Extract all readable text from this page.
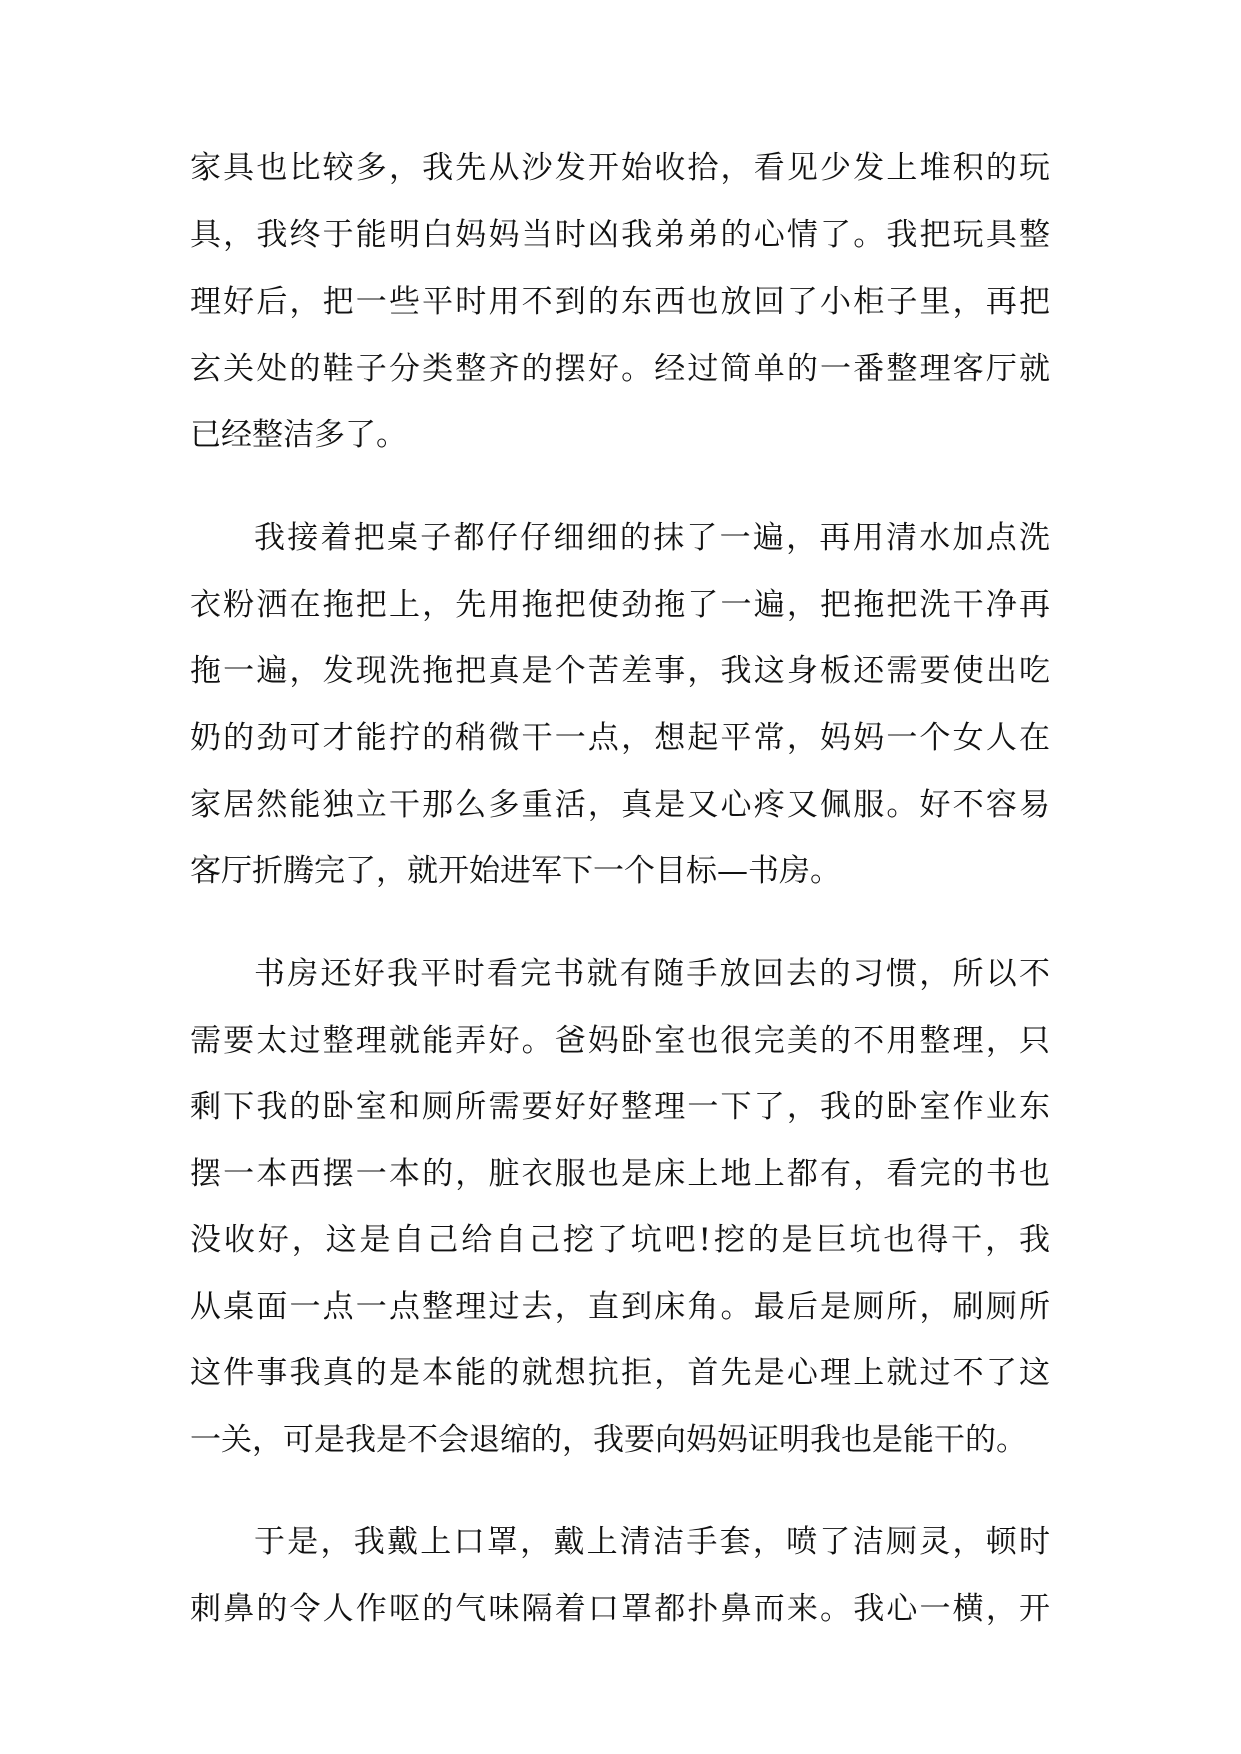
家具也比较多，我先从沙发开始收拾，看见少发上堆积的玩
具，我终于能明白妈妈当时凶我弟弟的心情了。我把玩具整
理好后，把一些平时用不到的东西也放回了小柜子里，再把
玄关处的鞋子分类整齐的摆好。经过简单的一番整理客厅就
已经整洁多了。
我接着把桌子都仔仔细细的抹了一遍，再用清水加点洗
衣粉洒在拖把上，先用拖把使劲拖了一遍，把拖把洗干净再
拖一遍，发现洗拖把真是个苦差事，我这身板还需要使出吃
奶的劲可才能拧的稍微干一点，想起平常，妈妈一个女人在
家居然能独立干那么多重活，真是又心疼又佩服。好不容易
客厅折腾完了，就开始进军下一个目标—书房。
书房还好我平时看完书就有随手放回去的习惯，所以不
需要太过整理就能弄好。爸妈卧室也很完美的不用整理，只
剩下我的卧室和厕所需要好好整理一下了，我的卧室作业东
摆一本西摆一本的，脏衣服也是床上地上都有，看完的书也
没收好，这是自己给自己挖了坑吧!挖的是巨坑也得干，我
从桌面一点一点整理过去，直到床角。最后是厕所，刷厕所
这件事我真的是本能的就想抗拒，首先是心理上就过不了这
一关，可是我是不会退缩的，我要向妈妈证明我也是能干的。
于是，我戴上口罩，戴上清洁手套，喷了洁厕灵，顿时
刺鼻的令人作呕的气味隔着口罩都扑鼻而来。我心一横，开
